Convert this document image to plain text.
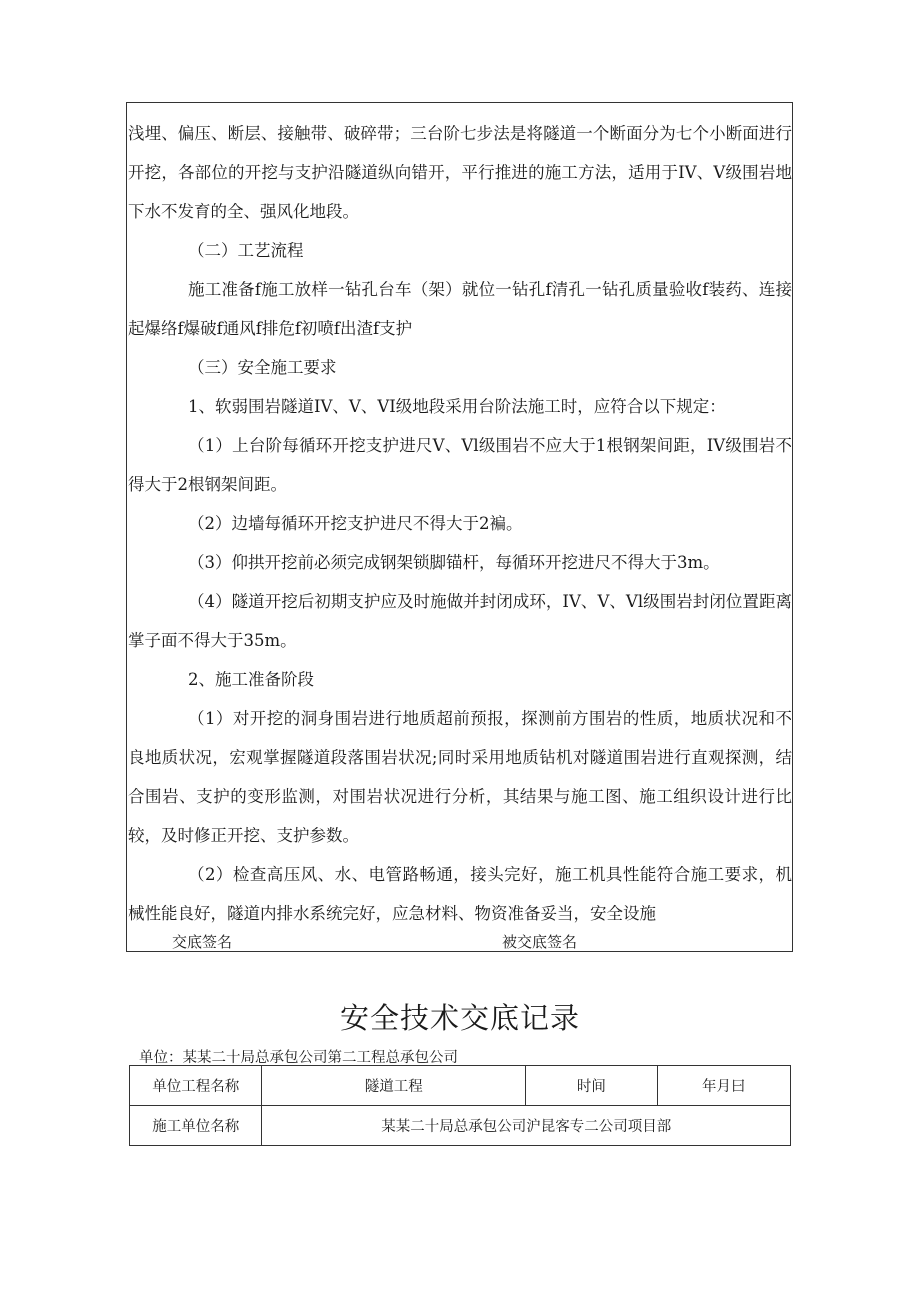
浅埋、偏压、断层、接触带、破碎带；三台阶七步法是将隧道一个断面分为七个小断面进行开挖，各部位的开挖与支护沿隧道纵向错开，平行推进的施工方法，适用于IV、V级围岩地下水不发育的全、强风化地段。

（二）工艺流程

施工准备f施工放样一钻孔台车（架）就位一钻孔f清孔一钻孔质量验收f装药、连接起爆络f爆破f通风f排危f初喷f出渣f支护

（三）安全施工要求

1、软弱围岩隧道IV、V、VI级地段采用台阶法施工时，应符合以下规定：

（1）上台阶每循环开挖支护进尺V、Vl级围岩不应大于1根钢架间距，IV级围岩不得大于2根钢架间距。

（2）边墙每循环开挖支护进尺不得大于2褊。

（3）仰拱开挖前必须完成钢架锁脚锚杆，每循环开挖进尺不得大于3m。

（4）隧道开挖后初期支护应及时施做并封闭成环，IV、V、Vl级围岩封闭位置距离掌子面不得大于35m。

2、施工准备阶段

（1）对开挖的洞身围岩进行地质超前预报，探测前方围岩的性质，地质状况和不良地质状况，宏观掌握隧道段落围岩状况;同时采用地质钻机对隧道围岩进行直观探测，结合围岩、支护的变形监测，对围岩状况进行分析，其结果与施工图、施工组织设计进行比较，及时修正开挖、支护参数。

（2）检查高压风、水、电管路畅通，接头完好，施工机具性能符合施工要求，机械性能良好，隧道内排水系统完好，应急材料、物资准备妥当，安全设施

交底签名	被交底签名
安全技术交底记录
单位：某某二十局总承包公司第二工程总承包公司
单位工程名称	隧道工程	时间	年月曰
施工单位名称	某某二十局总承包公司沪昆客专二公司项目部		
